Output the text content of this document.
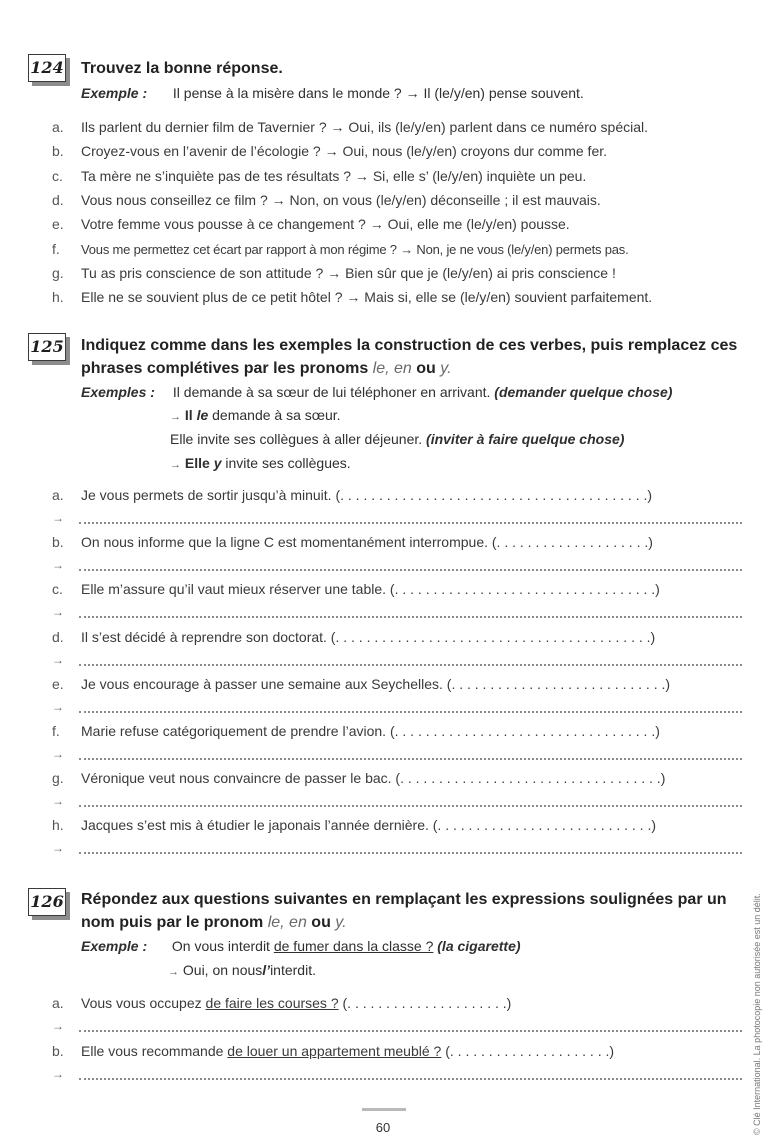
124 Trouvez la bonne réponse.
Exemple : Il pense à la misère dans le monde ? → Il (le/y/en) pense souvent.
a.	Ils parlent du dernier film de Tavernier ? → Oui, ils (le/y/en) parlent dans ce numéro spécial.
b.	Croyez-vous en l’avenir de l’écologie ? → Oui, nous (le/y/en) croyons dur comme fer.
c.	Ta mère ne s’inquiète pas de tes résultats ? → Si, elle s’ (le/y/en) inquiète un peu.
d.	Vous nous conseillez ce film ? → Non, on vous (le/y/en) déconseille ; il est mauvais.
e.	Votre femme vous pousse à ce changement ? → Oui, elle me (le/y/en) pousse.
f.	Vous me permettez cet écart par rapport à mon régime ? → Non, je ne vous (le/y/en) permets pas.
g.	Tu as pris conscience de son attitude ? → Bien sûr que je (le/y/en) ai pris conscience !
h.	Elle ne se souvient plus de ce petit hôtel ? → Mais si, elle se (le/y/en) souvient parfaitement.
125 Indiquez comme dans les exemples la construction de ces verbes, puis remplacez ces phrases complétives par les pronoms le, en ou y.
Exemples : Il demande à sa sœur de lui téléphoner en arrivant. (demander quelque chose)
→ Il le demande à sa sœur.
Elle invite ses collègues à aller déjeuner. (inviter à faire quelque chose)
→ Elle y invite ses collègues.
a.	Je vous permets de sortir jusqu’à minuit. (. . . . . . . . . . . . . . . . . . . . . . . . . . . . . . . . . . . . . . . .)
→
b.	On nous informe que la ligne C est momentanément interrompue. (. . . . . . . . . . . . . . . . . . . .)
→
c.	Elle m’assure qu’il vaut mieux réserver une table. (. . . . . . . . . . . . . . . . . . . . . . . . . . . . . . . . . .)
→
d.	Il s’est décidé à reprendre son doctorat. (. . . . . . . . . . . . . . . . . . . . . . . . . . . . . . . . . . . . . . . . .)
→
e.	Je vous encourage à passer une semaine aux Seychelles. (. . . . . . . . . . . . . . . . . . . . . . . . . . . .)
→
f.	Marie refuse catégoriquement de prendre l’avion. (. . . . . . . . . . . . . . . . . . . . . . . . . . . . . . . . . .)
→
g.	Véronique veut nous convaincre de passer le bac. (. . . . . . . . . . . . . . . . . . . . . . . . . . . . . . . . . .)
→
h.	Jacques s’est mis à étudier le japonais l’année dernière. (. . . . . . . . . . . . . . . . . . . . . . . . . . . .)
→
126 Répondez aux questions suivantes en remplaçant les expressions soulignées par un nom puis par le pronom le, en ou y.
Exemple : On vous interdit de fumer dans la classe ? (la cigarette)
→ Oui, on nousl’interdit.
a.	Vous vous occupez de faire les courses ? (. . . . . . . . . . . . . . . . . . . . .)
→
b.	Elle vous recommande de louer un appartement meublé ? (. . . . . . . . . . . . . . . . . . . . .)
→
60	© Clé International. La photocopie non autorisée est un délit.
